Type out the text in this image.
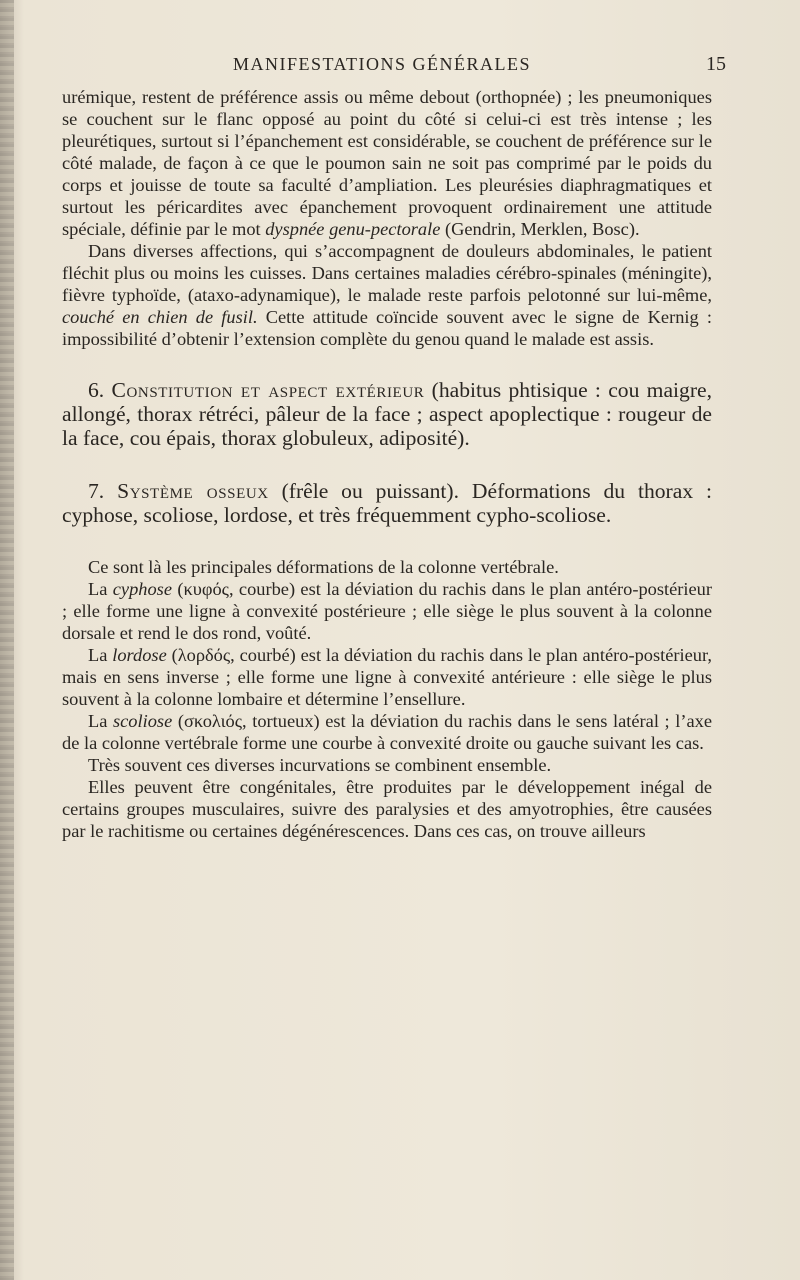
MANIFESTATIONS GÉNÉRALES	15

urémique, restent de préférence assis ou même debout (orthopnée) ; les pneumoniques se couchent sur le flanc opposé au point du côté si celui-ci est très intense ; les pleurétiques, surtout si l’épanchement est considérable, se couchent de préférence sur le côté malade, de façon à ce que le poumon sain ne soit pas comprimé par le poids du corps et jouisse de toute sa faculté d’ampliation. Les pleurésies diaphragmatiques et surtout les péricardites avec épanchement provoquent ordinairement une attitude spéciale, définie par le mot dyspnée genu-pectorale (Gendrin, Merklen, Bosc).

Dans diverses affections, qui s’accompagnent de douleurs abdominales, le patient fléchit plus ou moins les cuisses. Dans certaines maladies cérébro-spinales (méningite), fièvre typhoïde, (ataxo-adynamique), le malade reste parfois pelotonné sur lui-même, couché en chien de fusil. Cette attitude coïncide souvent avec le signe de Kernig : impossibilité d’obtenir l’extension complète du genou quand le malade est assis.

6. Constitution et aspect extérieur (habitus phtisique : cou maigre, allongé, thorax rétréci, pâleur de la face ; aspect apoplectique : rougeur de la face, cou épais, thorax globuleux, adiposité).

7. Système osseux (frêle ou puissant). Déformations du thorax : cyphose, scoliose, lordose, et très fréquemment cypho-scoliose.

Ce sont là les principales déformations de la colonne vertébrale.

La cyphose (κυφός, courbe) est la déviation du rachis dans le plan antéro-postérieur ; elle forme une ligne à convexité postérieure ; elle siège le plus souvent à la colonne dorsale et rend le dos rond, voûté.

La lordose (λορδός, courbé) est la déviation du rachis dans le plan antéro-postérieur, mais en sens inverse ; elle forme une ligne à convexité antérieure : elle siège le plus souvent à la colonne lombaire et détermine l’ensellure.

La scoliose (σκολιός, tortueux) est la déviation du rachis dans le sens latéral ; l’axe de la colonne vertébrale forme une courbe à convexité droite ou gauche suivant les cas.

Très souvent ces diverses incurvations se combinent ensemble.

Elles peuvent être congénitales, être produites par le développement inégal de certains groupes musculaires, suivre des paralysies et des amyotrophies, être causées par le rachitisme ou certaines dégénérescences. Dans ces cas, on trouve ailleurs
